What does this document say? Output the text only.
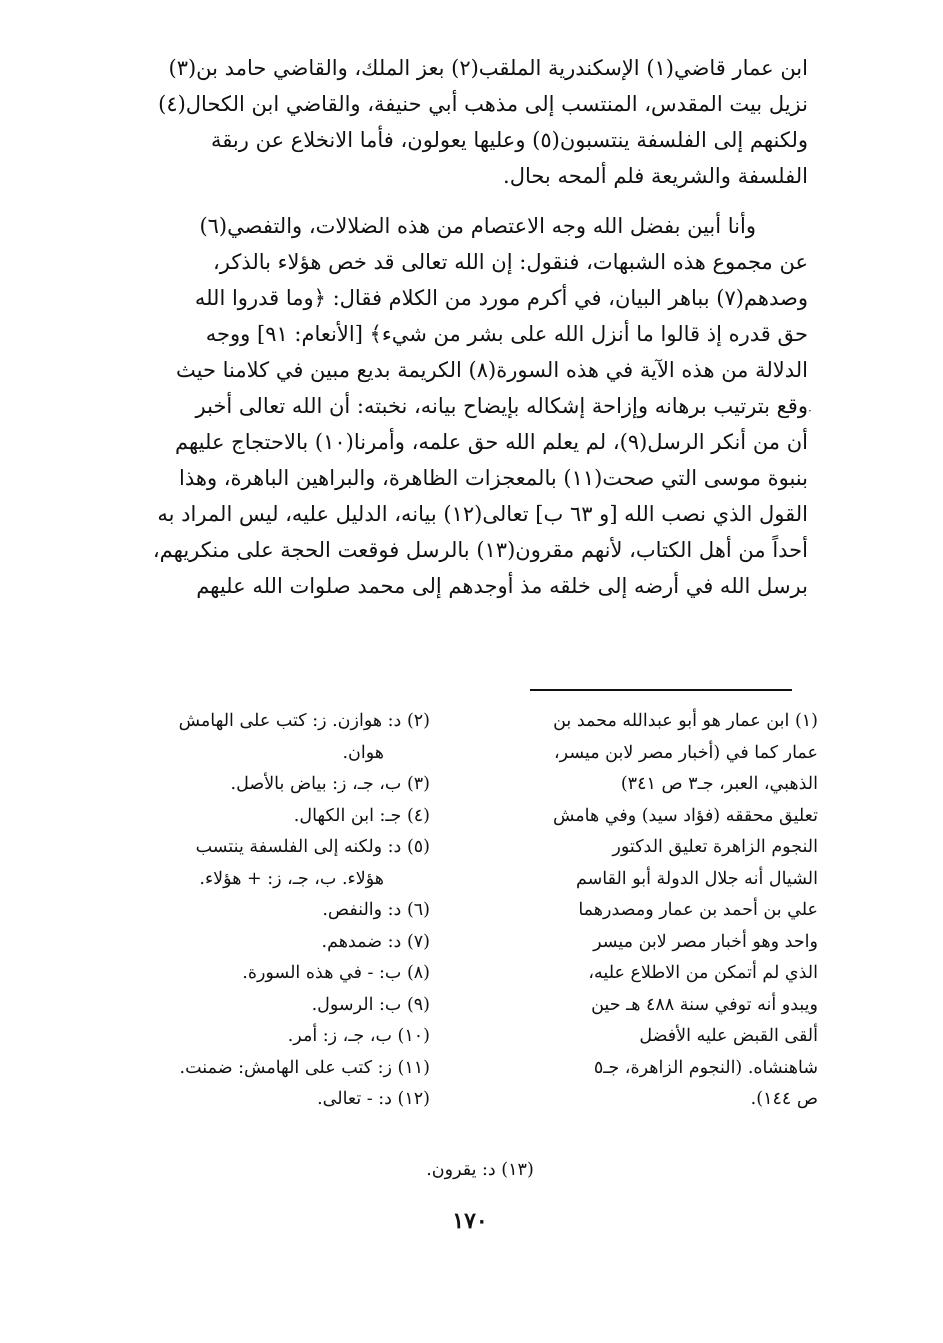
ابن عمار قاضي(١) الإسكندرية الملقب(٢) بعز الملك، والقاضي حامد بن(٣)
نزيل بيت المقدس، المنتسب إلى مذهب أبي حنيفة، والقاضي ابن الكحال(٤)
ولكنهم إلى الفلسفة ينتسبون(٥) وعليها يعولون، فأما الانخلاع عن ربقة
الفلسفة والشريعة فلم ألمحه بحال.

وأنا أبين بفضل الله وجه الاعتصام من هذه الضلالات، والتفصي(٦)
عن مجموع هذه الشبهات، فنقول: إن الله تعالى قد خص هؤلاء بالذكر،
وصدهم(٧) بباهر البيان، في أكرم مورد من الكلام فقال: ﴿وما قدروا الله
حق قدره إذ قالوا ما أنزل الله على بشر من شيء﴾ [الأنعام: ٩١] ووجه
الدلالة من هذه الآية في هذه السورة(٨) الكريمة بديع مبين في كلامنا حيث
وقع بترتيب برهانه وإزاحة إشكاله بإيضاح بيانه، نخبته: أن الله تعالى أخبر
أن من أنكر الرسل(٩)، لم يعلم الله حق علمه، وأمرنا(١٠) بالاحتجاج عليهم
بنبوة موسى التي صحت(١١) بالمعجزات الظاهرة، والبراهين الباهرة، وهذا
القول الذي نصب الله [و ٦٣ ب] تعالى(١٢) بيانه، الدليل عليه، ليس المراد به
أحداً من أهل الكتاب، لأنهم مقرون(١٣) بالرسل فوقعت الحجة على منكريهم،
برسل الله في أرضه إلى خلقه مذ أوجدهم إلى محمد صلوات الله عليهم

·
(١) ابن عمار هو أبو عبدالله محمد بن
عمار كما في (أخبار مصر لابن ميسر،
الذهبي، العبر، جـ٣ ص ٣٤١)
تعليق محققه (فؤاد سيد) وفي هامش
النجوم الزاهرة تعليق الدكتور
الشيال أنه جلال الدولة أبو القاسم
علي بن أحمد بن عمار ومصدرهما
واحد وهو أخبار مصر لابن ميسر
الذي لم أتمكن من الاطلاع عليه،
ويبدو أنه توفي سنة ٤٨٨ هـ حين
ألقى القبض عليه الأفضل
شاهنشاه. (النجوم الزاهرة، جـ٥
ص ١٤٤).
(٢) د: هوازن. ز: كتب على الهامش
هوان.
(٣) ب، جـ، ز: بياض بالأصل.
(٤) جـ: ابن الكهال.
(٥) د: ولكنه إلى الفلسفة ينتسب
هؤلاء. ب، جـ، ز: + هؤلاء.
(٦) د: والنفص.
(٧) د: ضمدهم.
(٨) ب: - في هذه السورة.
(٩) ب: الرسول.
(١٠) ب، جـ، ز: أمر.
(١١) ز: كتب على الهامش: ضمنت.
(١٢) د: - تعالى.
(١٣) د: يقرون.
١٧٠
